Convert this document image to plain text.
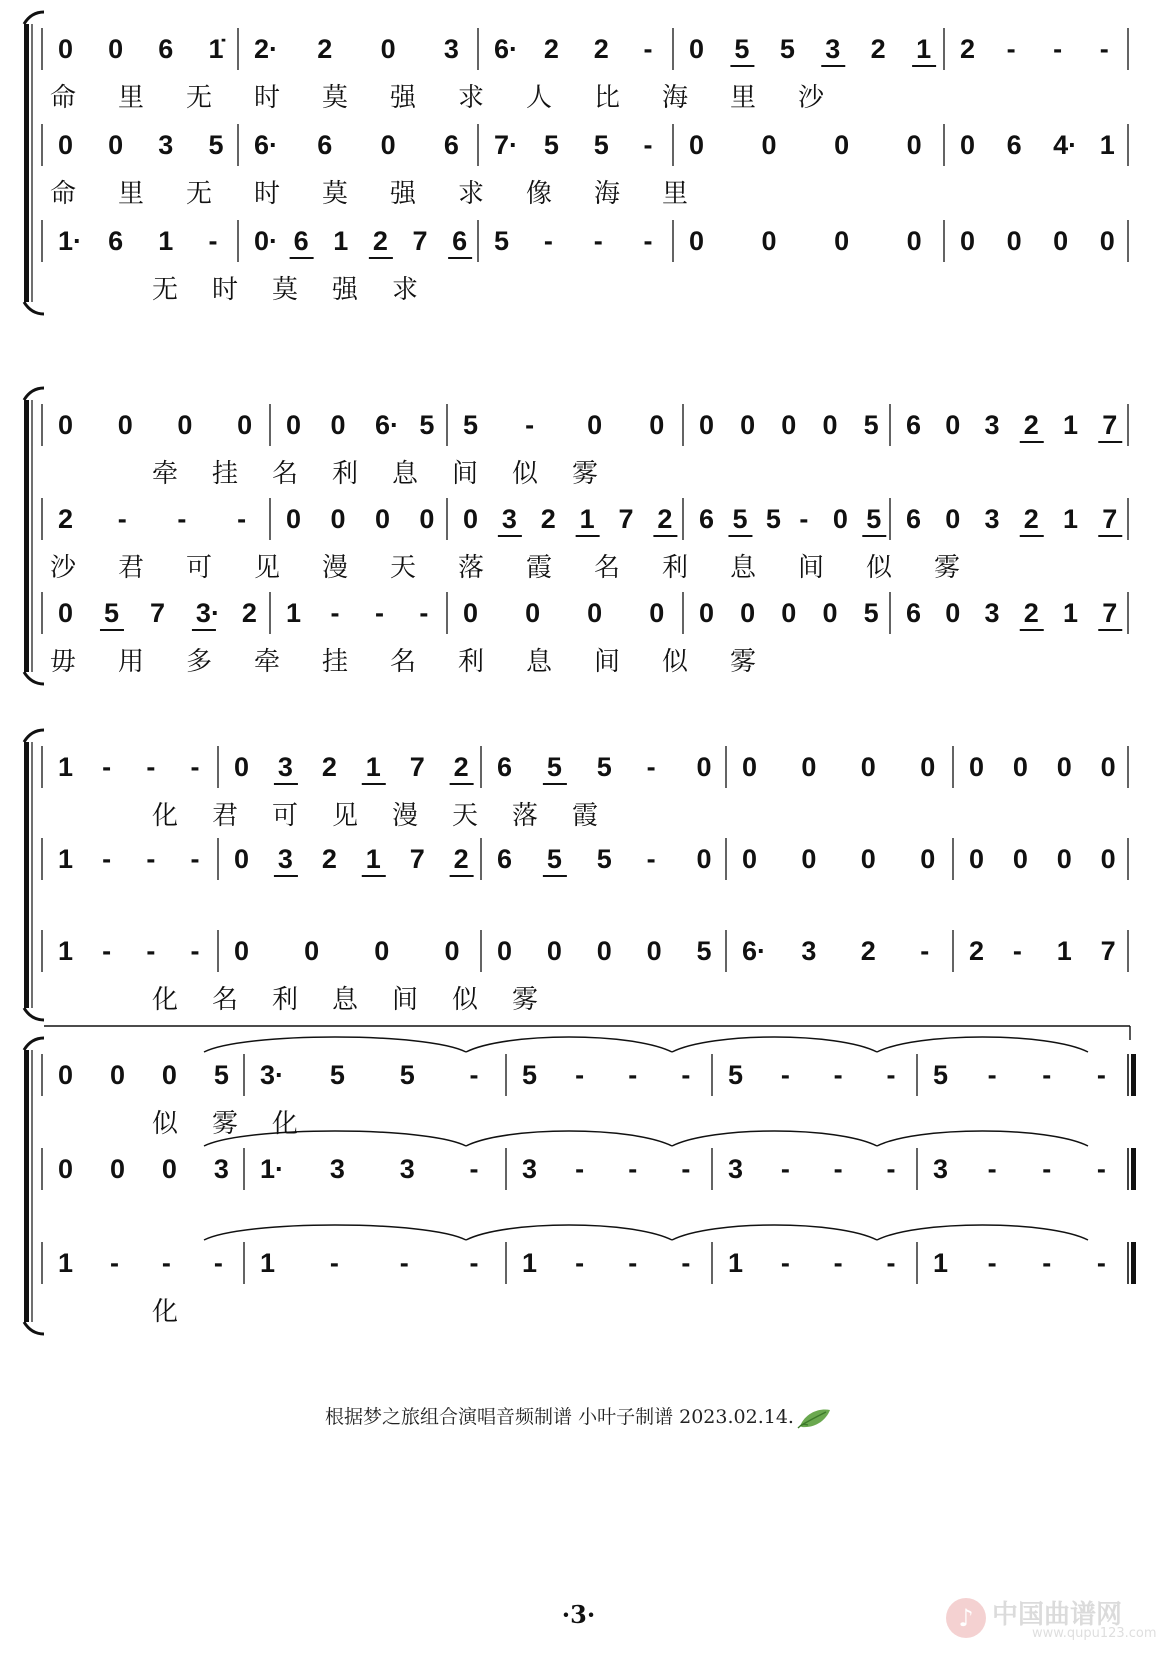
0 0 6 1̇ 2· 2 0 3 6· 2 2 - 0 5 5 3 2 1 2 - - -
命 里 无 时 莫 强 求 人 比 海 里 沙
0 0 3 5 6· 6 0 6 7· 5 5 - 0 0 0 0 0 6 4· 1
命 里 无 时 莫 强 求 像 海 里
1· 6 1 - 0· 6 1 2 7 6 5 - - - 0 0 0 0 0 0 0 0
无 时 莫 强 求
0 0 0 0 0 0 6· 5 5 - 0 0 0 0 0 0 5 6 0 3 2 1 7
牵 挂 名 利 息 间 似 雾
2 - - - 0 0 0 0 0 3 2 1 7 2 6 5 5 - 0 5 6 0 3 2 1 7
沙 君 可 见 漫 天 落 霞 名 利 息 间 似 雾
0 5 7 3· 2 1 - - - 0 0 0 0 0 0 0 0 5 6 0 3 2 1 7
毋 用 多 牵 挂 名 利 息 间 似 雾
1 - - - 0 3 2 1 7 2 6 5 5 - 0 0 0 0 0 0 0 0 0
化 君 可 见 漫 天 落 霞
1 - - - 0 3 2 1 7 2 6 5 5 - 0 0 0 0 0 0 0 0 0
1 - - - 0 0 0 0 0 0 0 0 5 6· 3 2 - 2 - 1 7
化 名 利 息 间 似 雾
0 0 0 5 3· 5 5 - 5 - - - 5 - - - 5 - - -
似 雾 化
0 0 0 3 1· 3 3 - 3 - - - 3 - - - 3 - - -
1 - - - 1 - - - 1 - - - 1 - - - 1 - - -
化
根据梦之旅组合演唱音频制谱 小叶子制谱 2023.02.14.
·3·	♪ 中国曲谱网
www.qupu123.com
